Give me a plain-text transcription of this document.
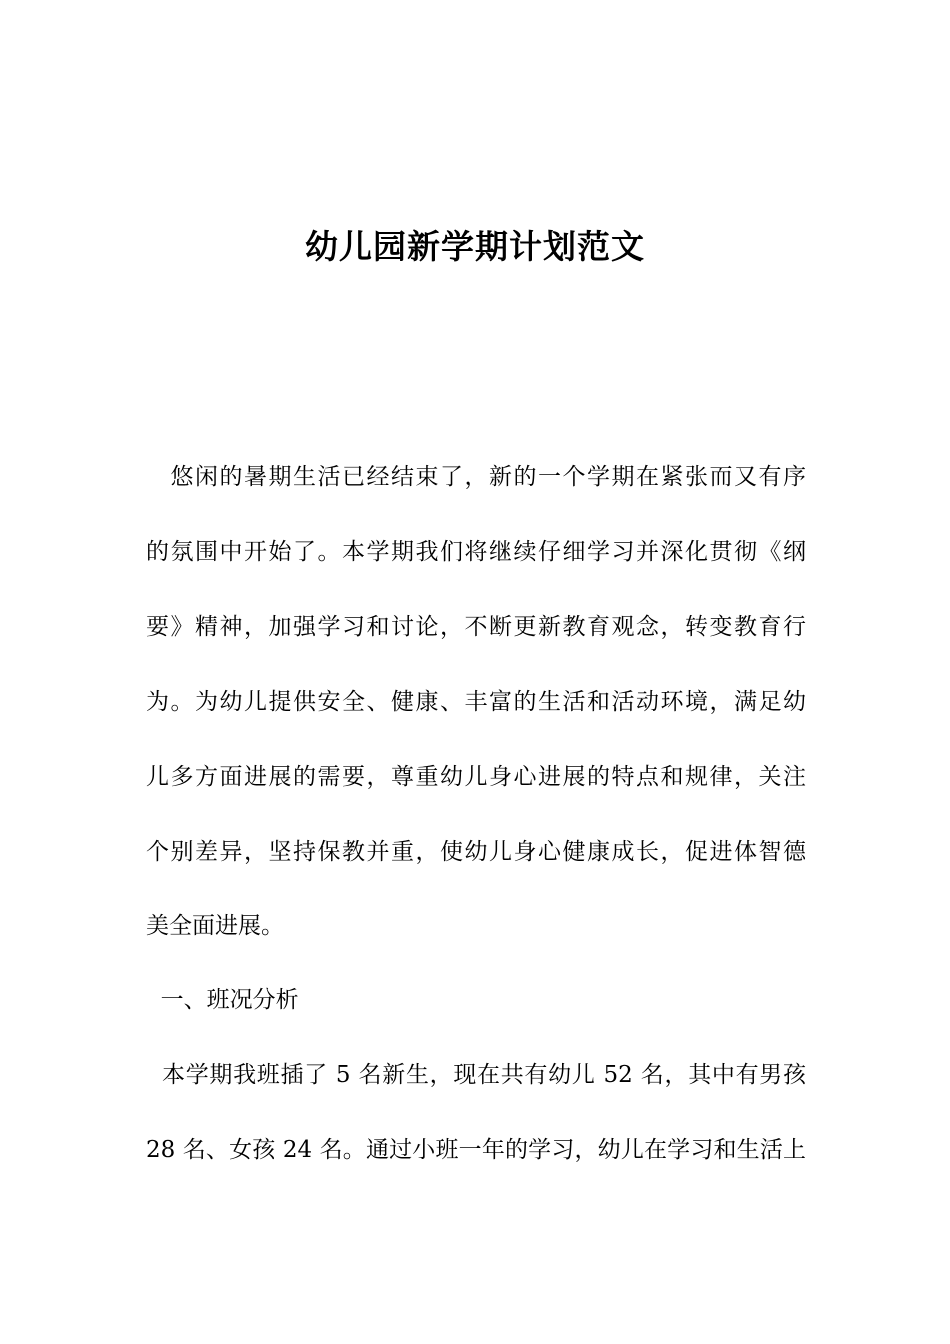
幼儿园新学期计划范文
　悠闲的暑期生活已经结束了，新的一个学期在紧张而又有序
的氛围中开始了。本学期我们将继续仔细学习并深化贯彻《纲
要》精神，加强学习和讨论，不断更新教育观念，转变教育行
为。为幼儿提供安全、健康、丰富的生活和活动环境，满足幼
儿多方面进展的需要，尊重幼儿身心进展的特点和规律，关注
个别差异，坚持保教并重，使幼儿身心健康成长，促进体智德
美全面进展。
一、班况分析
本学期我班插了 5 名新生，现在共有幼儿 52 名，其中有男孩
28 名、女孩 24 名。通过小班一年的学习，幼儿在学习和生活上
